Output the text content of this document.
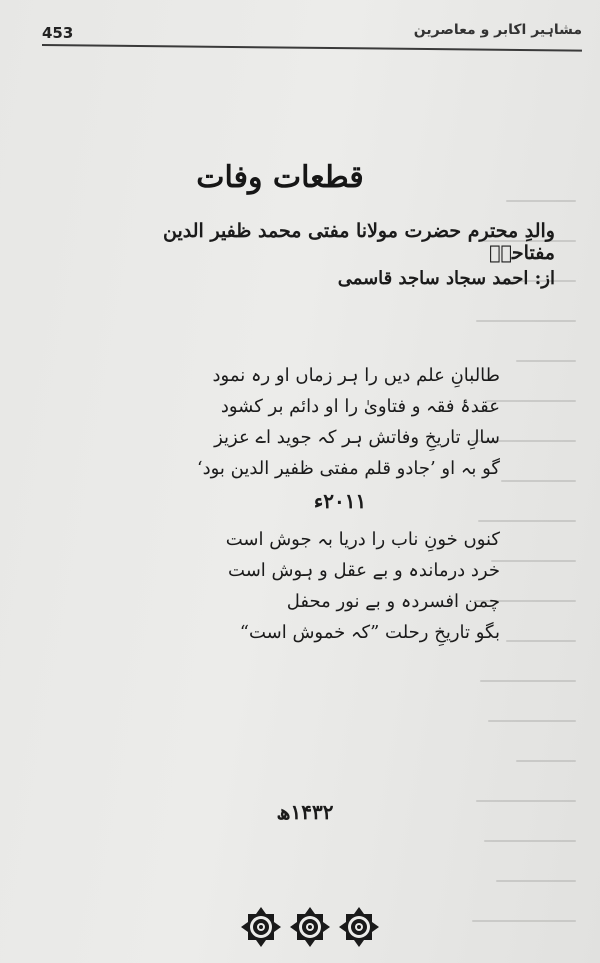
453	مشاہیر اکابر و معاصرین
قطعات وفات
والدِ محترم حضرت مولانا مفتی محمد ظفیر الدین مفتاحیؒ
از: احمد سجاد ساجد قاسمی
طالبانِ علم دیں را ہر زماں او رہ نمود
عقدۂ فقہ و فتاویٰ را او دائم بر کشود
سالِ تاریخِ وفاتش ہر کہ جوید اے عزیز
گو بہ او ’جادو قلم مفتی ظفیر الدین بود‘
۲۰۱۱ء
کنوں خونِ ناب را دریا بہ جوش است
خرد درماندہ و بے عقل و ہوش است
چمن افسردہ و بے نور محفل
بگو تاریخِ رحلت ”کہ خموش است“
۱۴۳۲ھ
